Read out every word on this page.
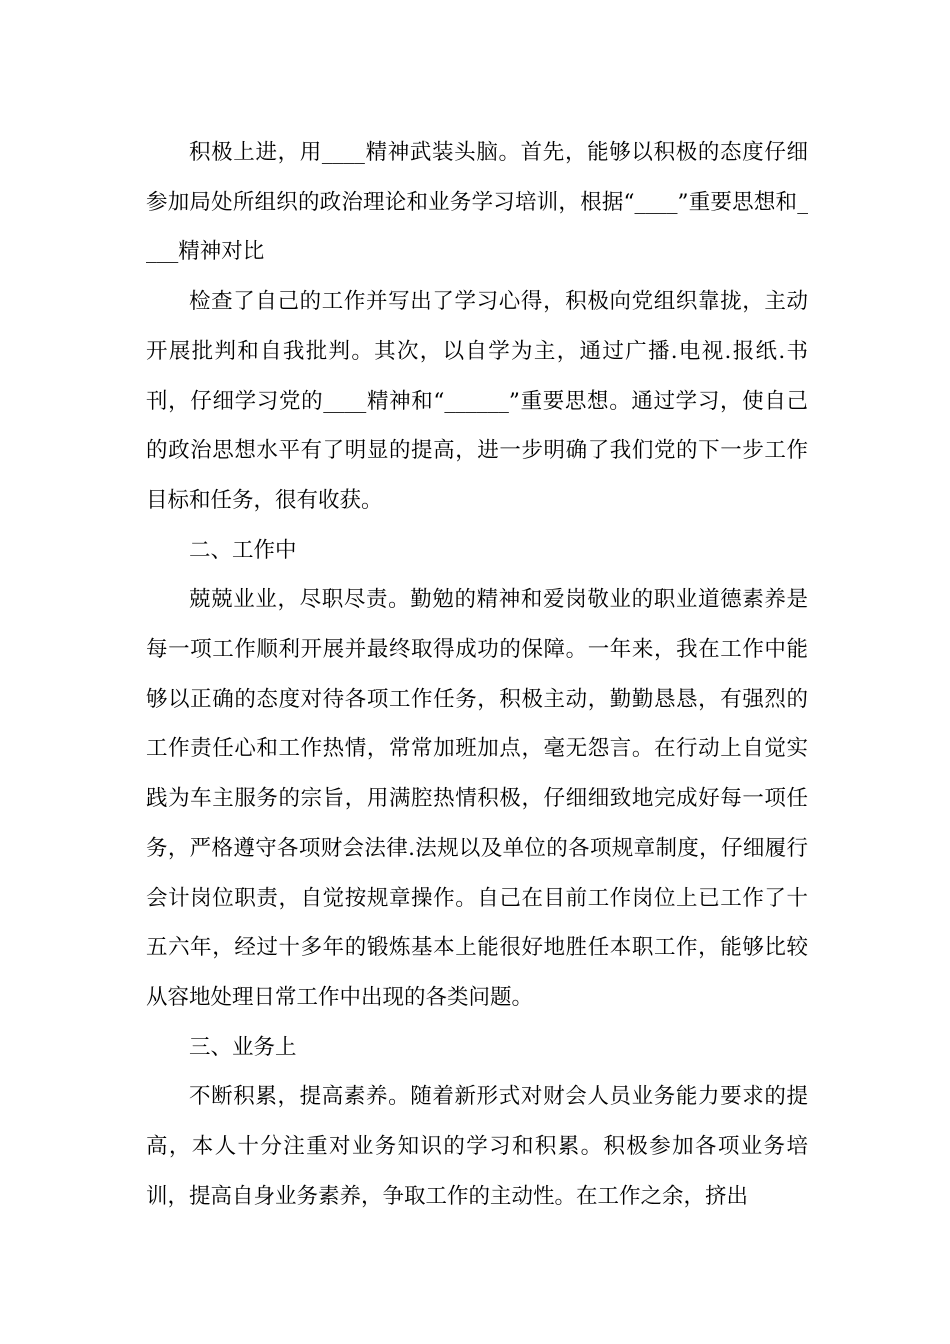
积极上进，用____精神武装头脑。首先，能够以积极的态度仔细参加局处所组织的政治理论和业务学习培训，根据“____”重要思想和____精神对比

检查了自己的工作并写出了学习心得，积极向党组织靠拢，主动开展批判和自我批判。其次，以自学为主，通过广播.电视.报纸.书刊，仔细学习党的____精神和“______”重要思想。通过学习，使自己的政治思想水平有了明显的提高，进一步明确了我们党的下一步工作目标和任务，很有收获。

二、工作中

兢兢业业，尽职尽责。勤勉的精神和爱岗敬业的职业道德素养是每一项工作顺利开展并最终取得成功的保障。一年来，我在工作中能够以正确的态度对待各项工作任务，积极主动，勤勤恳恳，有强烈的工作责任心和工作热情，常常加班加点，毫无怨言。在行动上自觉实践为车主服务的宗旨，用满腔热情积极，仔细细致地完成好每一项任务，严格遵守各项财会法律.法规以及单位的各项规章制度，仔细履行会计岗位职责，自觉按规章操作。自己在目前工作岗位上已工作了十五六年，经过十多年的锻炼基本上能很好地胜任本职工作，能够比较从容地处理日常工作中出现的各类问题。

三、业务上

不断积累，提高素养。随着新形式对财会人员业务能力要求的提高，本人十分注重对业务知识的学习和积累。积极参加各项业务培训，提高自身业务素养，争取工作的主动性。在工作之余，挤出
